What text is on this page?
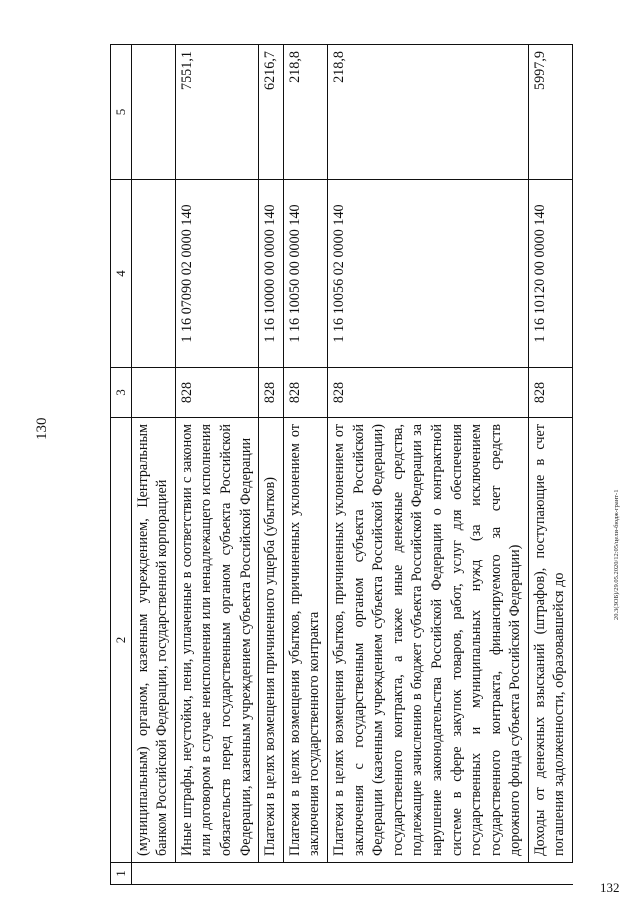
130
1	2	3	4	5
	(муниципальным) органом, казенным учреждением, Центральным банком Российской Федерации, государственной корпорацией			
	Иные штрафы, неустойки, пени, уплаченные в соответствии с законом или договором в случае неисполнения или ненадлежащего исполнения обязательств перед государственным органом субъекта Российской Федерации, казенным учреждением субъекта Российской Федерации	828	1 16 07090 02 0000 140	7551,1
	Платежи в целях возмещения причиненного ущерба (убытков)	828	1 16 10000 00 0000 140	6216,7
	Платежи в целях возмещения убытков, причиненных уклонением от заключения государственного контракта	828	1 16 10050 00 0000 140	218,8
	Платежи в целях возмещения убытков, причиненных уклонением от заключения с государственным органом субъекта Российской Федерации (казенным учреждением субъекта Российской Федерации) государственного контракта, а также иные денежные средства, подлежащие зачислению в бюджет субъекта Российской Федерации за нарушение законодательства Российской Федерации о контрактной системе в сфере закупок товаров, работ, услуг для обеспечения государственных и муниципальных нужд (за исключением государственного контракта, финансируемого за счет средств дорожного фонда субъекта Российской Федерации)	828	1 16 10056 02 0000 140	218,8
	Доходы от денежных взысканий (штрафов), поступающие в счет погашения задолженности, образовавшейся до	828	1 16 10120 00 0000 140	5997,9
20.3(ЗОБ)/29.05.2020/12:05/цели-бюдж-грант-1
132
